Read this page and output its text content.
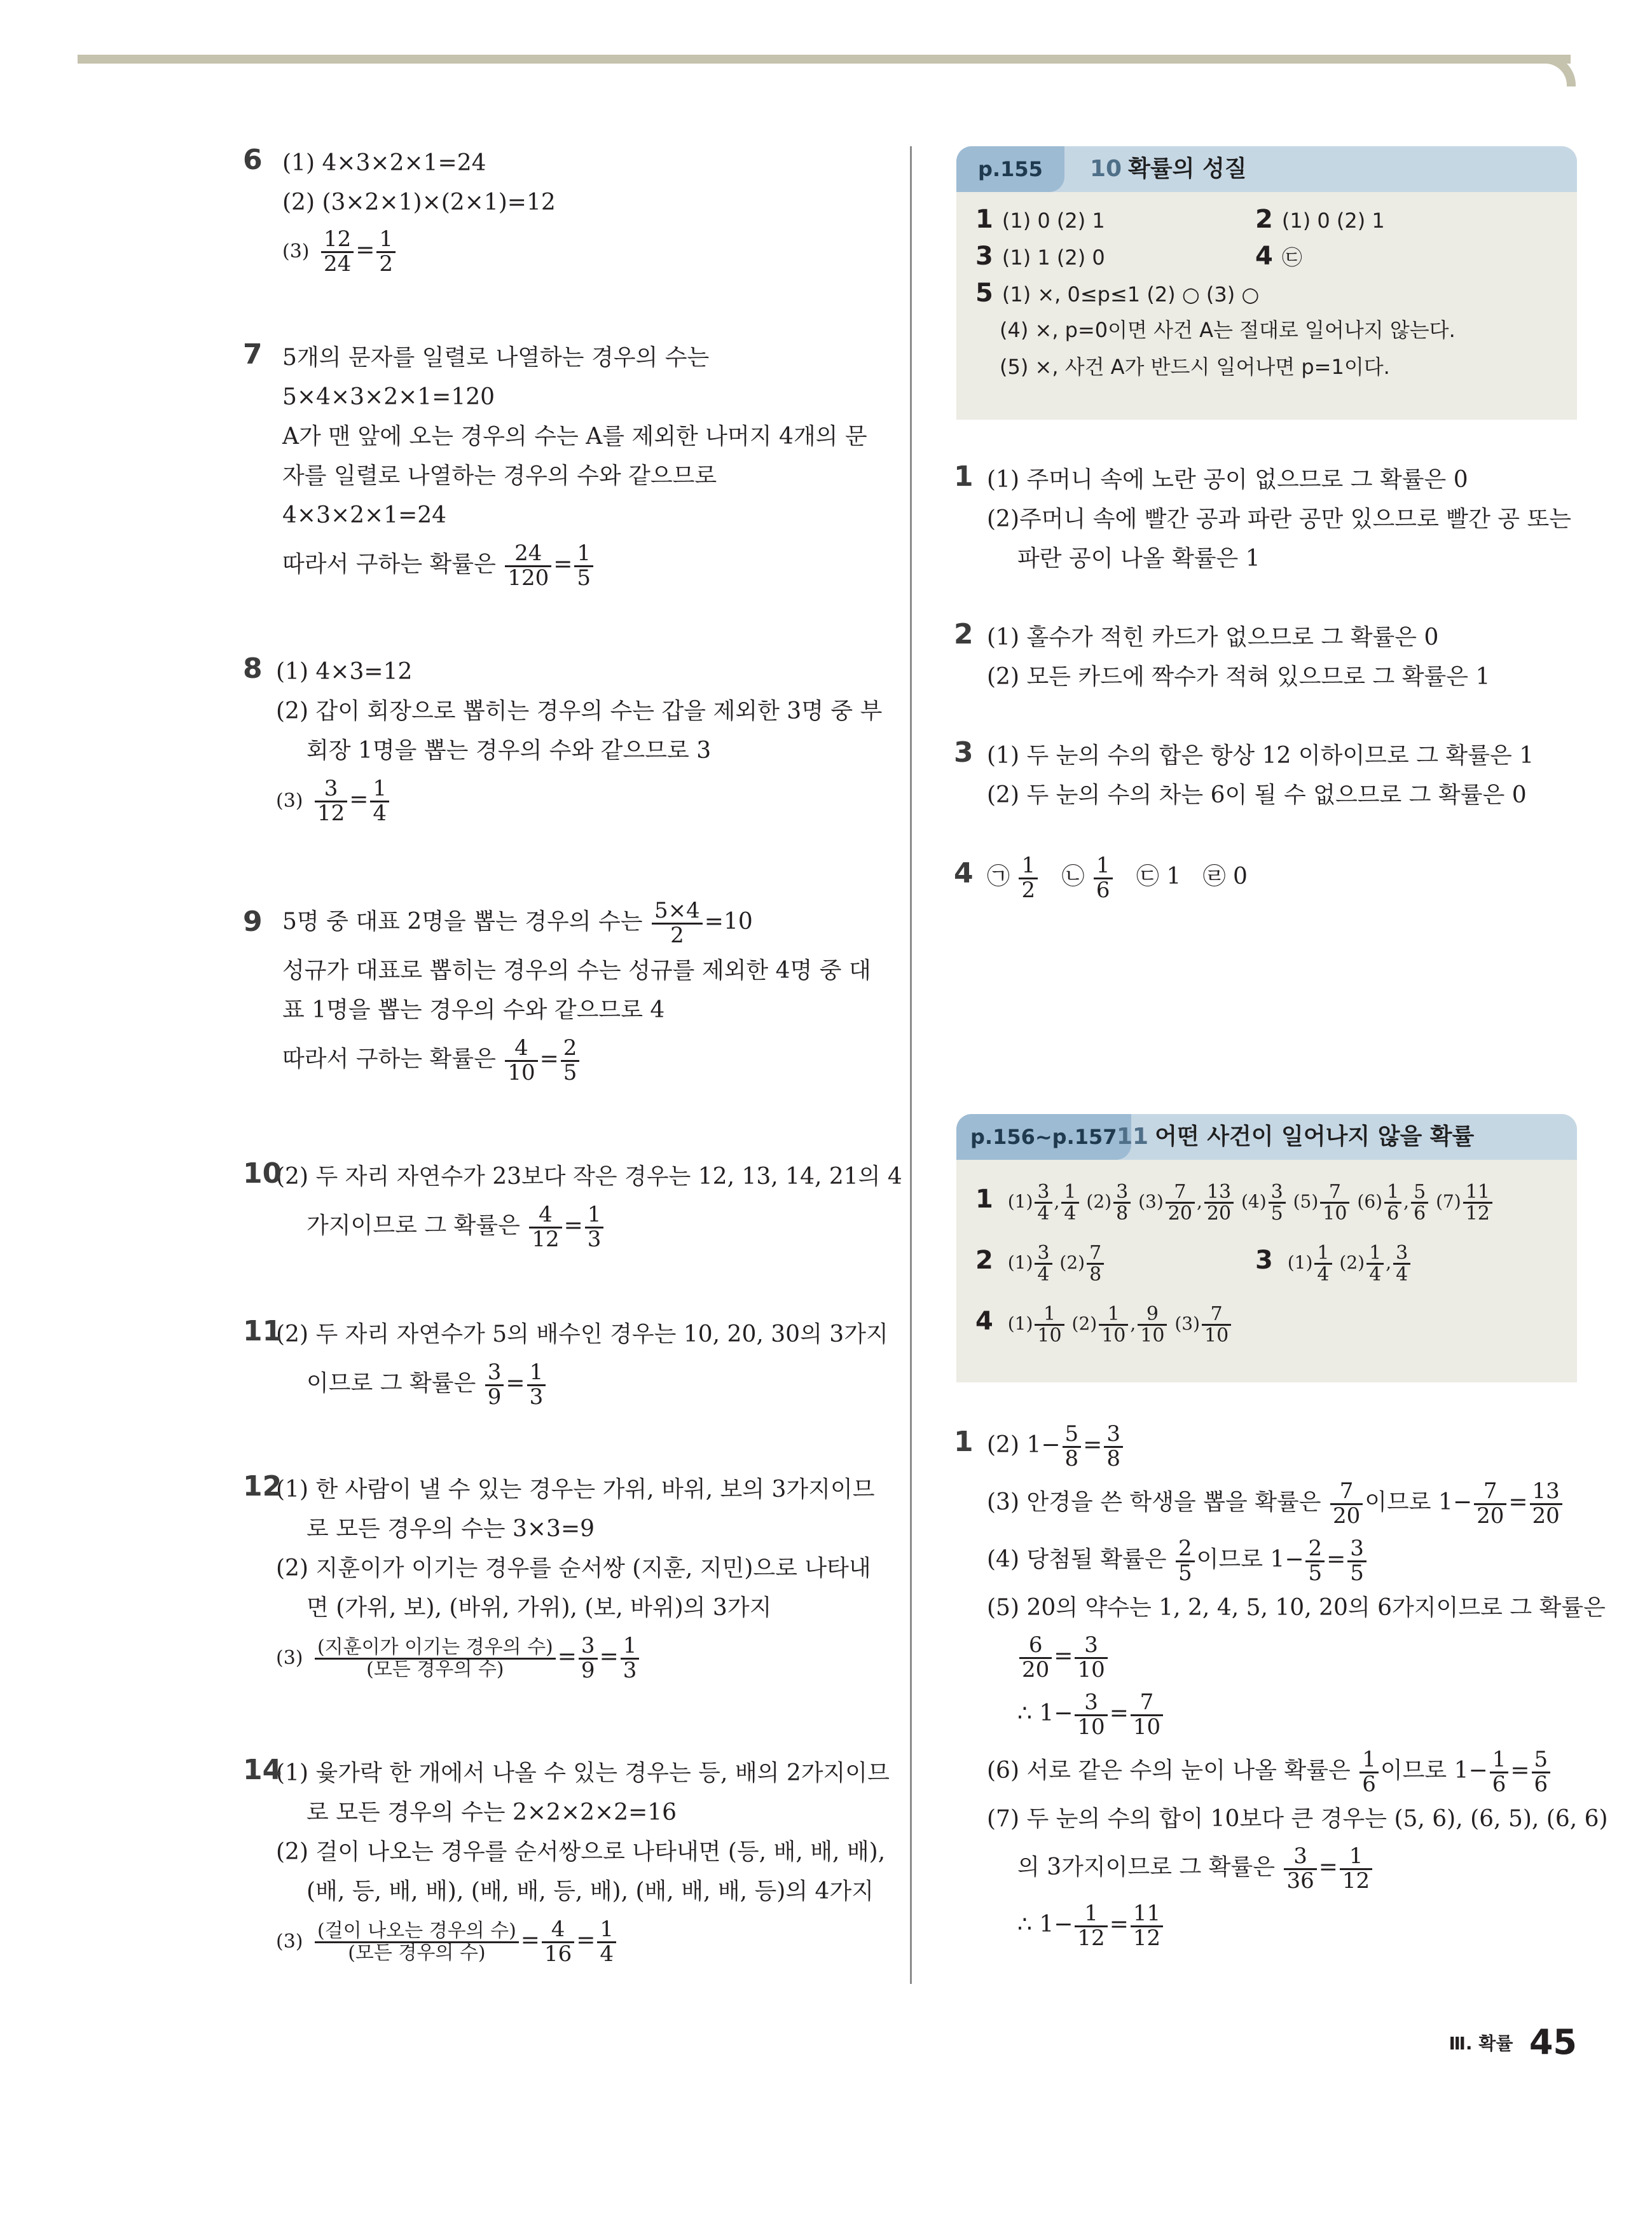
6 (1) 4×3×2×1=24
(2) (3×2×1)×(2×1)=12
$(3) \frac{12}{24} = \frac{1}{2}$
7 5개의 문자를 일렬로 나열하는 경우의 수는
5×4×3×2×1=120
A가 맨 앞에 오는 경우의 수는 A를 제외한 나머지 4개의 문
자를 일렬로 나열하는 경우의 수와 같으므로
4×3×2×1=24
따라서 구하는 확률은 $\frac{24}{120} = \frac{1}{5}$
8 (1) 4×3=12
(2) 갑이 회장으로 뽑히는 경우의 수는 갑을 제외한 3명 중 부
회장 1명을 뽑는 경우의 수와 같으므로 3
$(3) \frac{3}{12} = \frac{1}{4}$
9 5명 중 대표 2명을 뽑는 경우의 수는 $\frac{5\times 4}{2} =10$
성규가 대표로 뽑히는 경우의 수는 성규를 제외한 4명 중 대
표 1명을 뽑는 경우의 수와 같으므로 4
따라서 구하는 확률은 $\frac{4}{10} = \frac{2}{5}$
10
(2) 두 자리 자연수가 23보다 작은 경우는 12, 13, 14, 21의 4
가지이므로 그 확률은 $\frac{4}{12} = \frac{1}{3}$
11
(2) 두 자리 자연수가 5의 배수인 경우는 10, 20, 30의 3가지
이므로 그 확률은 $\frac{3}{9} = \frac{1}{3}$
12
(1) 한 사람이 낼 수 있는 경우는 가위, 바위, 보의 3가지이므
로 모든 경우의 수는 3×3=9
(2) 지훈이가 이기는 경우를 순서쌍 (지훈, 지민)으로 나타내
면 (가위, 보), (바위, 가위), (보, 바위)의 3가지
(3) (지훈이가 이기는 경우의 수)
(모든 경우의 수)	= $\frac{3}{9} = \frac{1}{3}$
14
(1) 윷가락 한 개에서 나올 수 있는 경우는 등, 배의 2가지이므
로 모든 경우의 수는 2×2×2×2=16
(2) 걸이 나오는 경우를 순서쌍으로 나타내면 (등, 배, 배, 배),
(배, 등, 배, 배), (배, 배, 등, 배), (배, 배, 배, 등)의 4가지
(3) (걸이 나오는 경우의 수)
(모든 경우의 수)	= $\frac{4}{16} = \frac{1}{4}$
p.155	10 확률의 성질
1 (1) 0 (2) 1	2 (1) 0 (2) 1
3 (1) 1 (2) 0	4 ㉢
5 (1) ×, 0≤p≤1 (2) ○ (3) ○
(4) ×, p=0이면 사건 A는 절대로 일어나지 않는다.
(5) ×, 사건 A가 반드시 일어나면 p=1이다.
1 (1) 주머니 속에 노란 공이 없으므로 그 확률은 0
(2)주머니 속에 빨간 공과 파란 공만 있으므로 빨간 공 또는
파란 공이 나올 확률은 1
2 (1) 홀수가 적힌 카드가 없으므로 그 확률은 0
(2) 모든 카드에 짝수가 적혀 있으므로 그 확률은 1
3 (1) 두 눈의 수의 합은 항상 12 이하이므로 그 확률은 1
(2) 두 눈의 수의 차는 6이 될 수 없으므로 그 확률은 0
4 ㉠ $\frac{1}{2}$ ㉡ $\frac{1}{6}$ ㉢ 1 ㉣ 0
p.156~p.157 11 어떤 사건이 일어나지 않을 확률
1 $(1) \frac{3}{4}$ , $\frac{1}{4} (2) \frac{3}{8} (3) \frac{7}{20}$ , $\frac{13}{20} (4) \frac{3}{5} (5) \frac{7}{10} (6) \frac{1}{6}$ , $\frac{5}{6} (7) \frac{11}{12}$
2 $(1) \frac{3}{4} (2) \frac{7}{8}$	3 $(1) \frac{1}{4} (2) \frac{1}{4}$ , $\frac{3}{4}$
4 $(1) \frac{1}{10} (2) \frac{1}{10}$ , $\frac{9}{10} (3) \frac{7}{10}$
1 (2) $1- \frac{5}{8} = \frac{3}{8}$
(3) 안경을 쓴 학생을 뽑을 확률은 $\frac{7}{20}$ 이므로 $1- \frac{7}{20} = \frac{13}{20}$
(4) 당첨될 확률은 $\frac{2}{5}$ 이므로 $1- \frac{2}{5} = \frac{3}{5}$
(5) 20의 약수는 1, 2, 4, 5, 10, 20의 6가지이므로 그 확률은
$\frac{6}{20} = \frac{3}{10}$
∴ $1- \frac{3}{10} = \frac{7}{10}$
(6) 서로 같은 수의 눈이 나올 확률은 $\frac{1}{6}$ 이므로 $1- \frac{1}{6} = \frac{5}{6}$
(7) 두 눈의 수의 합이 10보다 큰 경우는 (5, 6), (6, 5), (6, 6)
의 3가지이므로 그 확률은 $\frac{3}{36} = \frac{1}{12}$
∴ $1- \frac{1}{12} = \frac{11}{12}$
Ⅲ. 확률 45
